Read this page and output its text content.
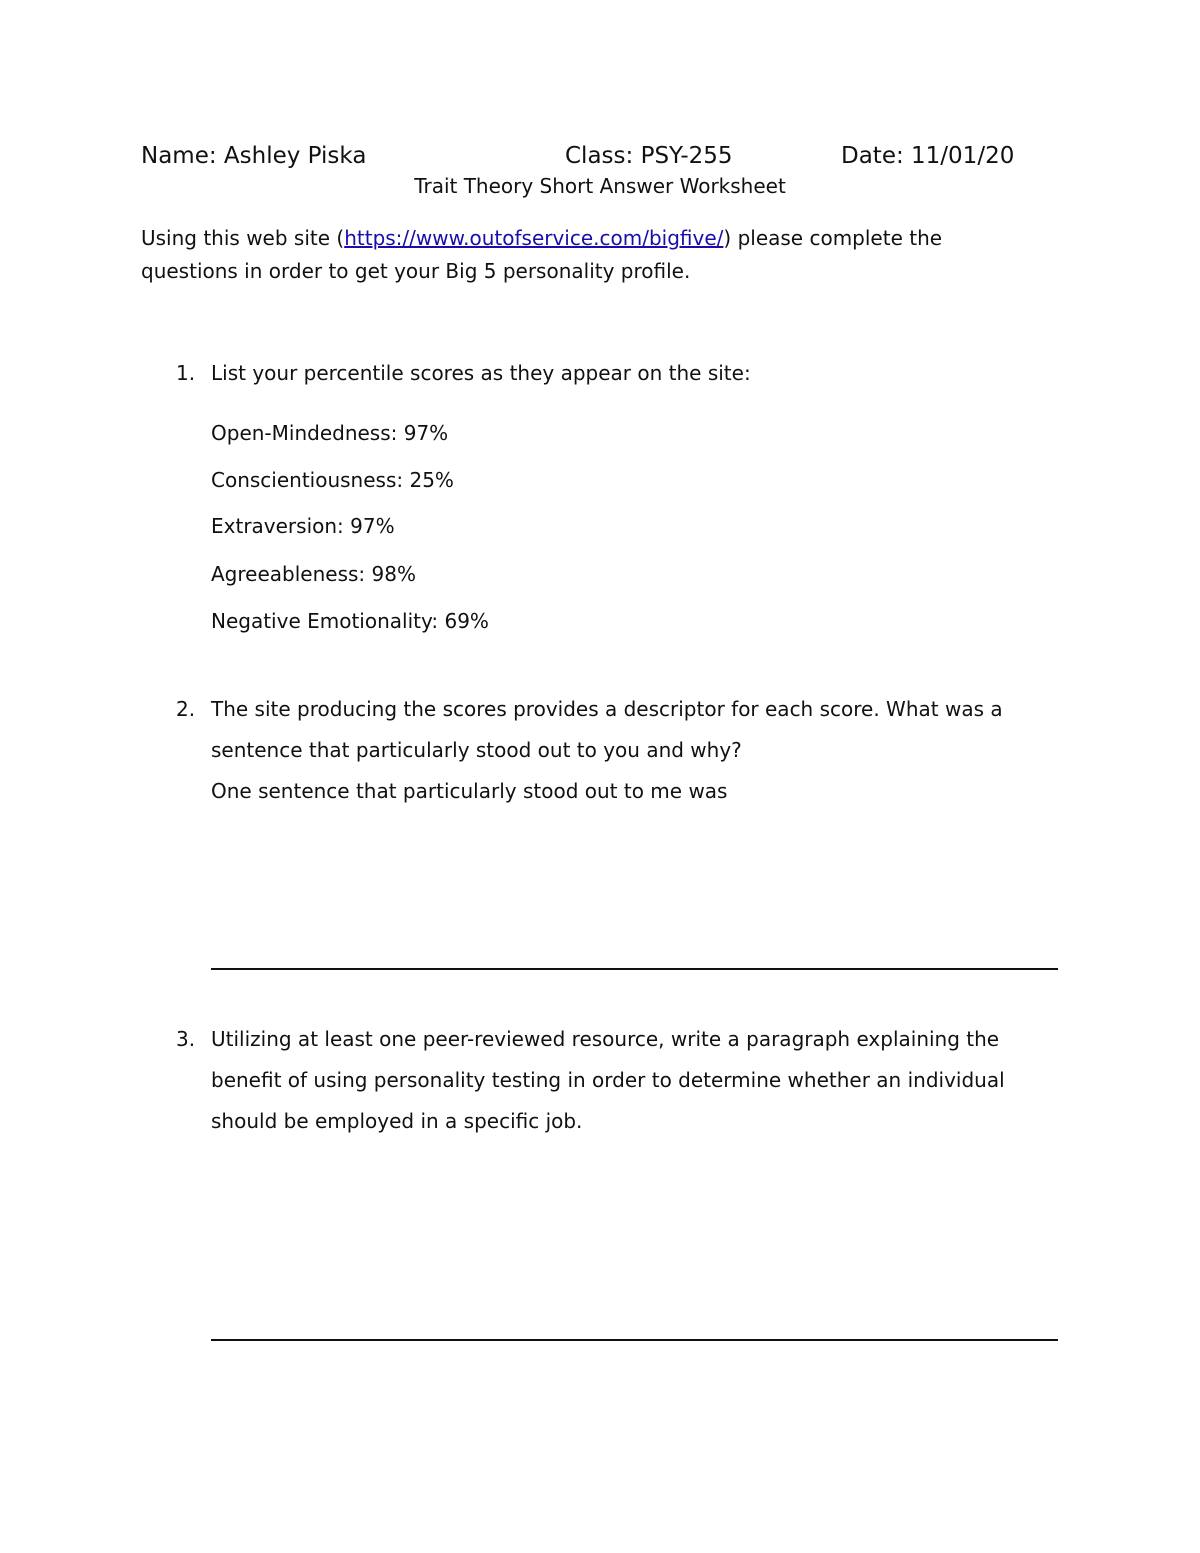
Name: Ashley Piska	Class: PSY-255	Date: 11/01/20
Trait Theory Short Answer Worksheet
Using this web site (https://www.outofservice.com/bigfive/) please complete the
questions in order to get your Big 5 personality profile.
1. List your percentile scores as they appear on the site:
Open-Mindedness: 97%
Conscientiousness: 25%
Extraversion: 97%
Agreeableness: 98%
Negative Emotionality: 69%
2. The site producing the scores provides a descriptor for each score. What was a
sentence that particularly stood out to you and why?
One sentence that particularly stood out to me was
3. Utilizing at least one peer-reviewed resource, write a paragraph explaining the
benefit of using personality testing in order to determine whether an individual
should be employed in a specific job.
